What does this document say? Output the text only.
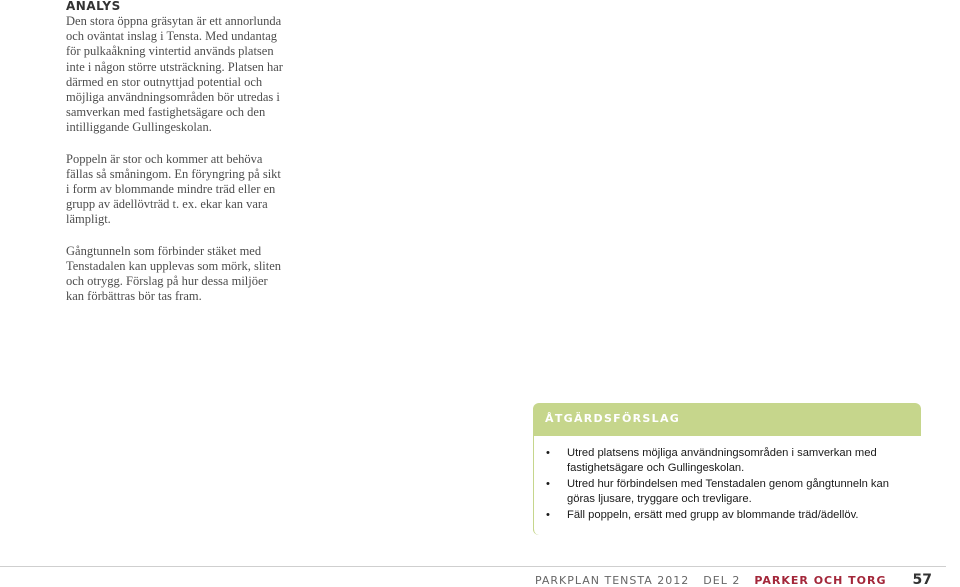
ANALYS

Den stora öppna gräsytan är ett annorlunda och oväntat inslag i Tensta. Med undantag för pulkaåkning vintertid används platsen inte i någon större utsträckning. Platsen har därmed en stor outnyttjad potential och möjliga användningsområden bör utredas i samverkan med fastighetsägare och den intilliggande Gullingeskolan.

Poppeln är stor och kommer att behöva fällas så småningom. En föryngring på sikt i form av blommande mindre träd eller en grupp av ädellövträd t. ex. ekar kan vara lämpligt.

Gångtunneln som förbinder stäket med Tenstadalen kan upplevas som mörk, sliten och otrygg. Förslag på hur dessa miljöer kan förbättras bör tas fram.

ÅTGÄRDSFÖRSLAG
• Utred platsens möjliga användningsområden i samverkan med fastighetsägare och Gullingeskolan.
• Utred hur förbindelsen med Tenstadalen genom gångtunneln kan göras ljusare, tryggare och trevligare.
• Fäll poppeln, ersätt med grupp av blommande träd/ädellöv.
PARKPLAN TENSTA 2012 DEL 2 PARKER OCH TORG 57
